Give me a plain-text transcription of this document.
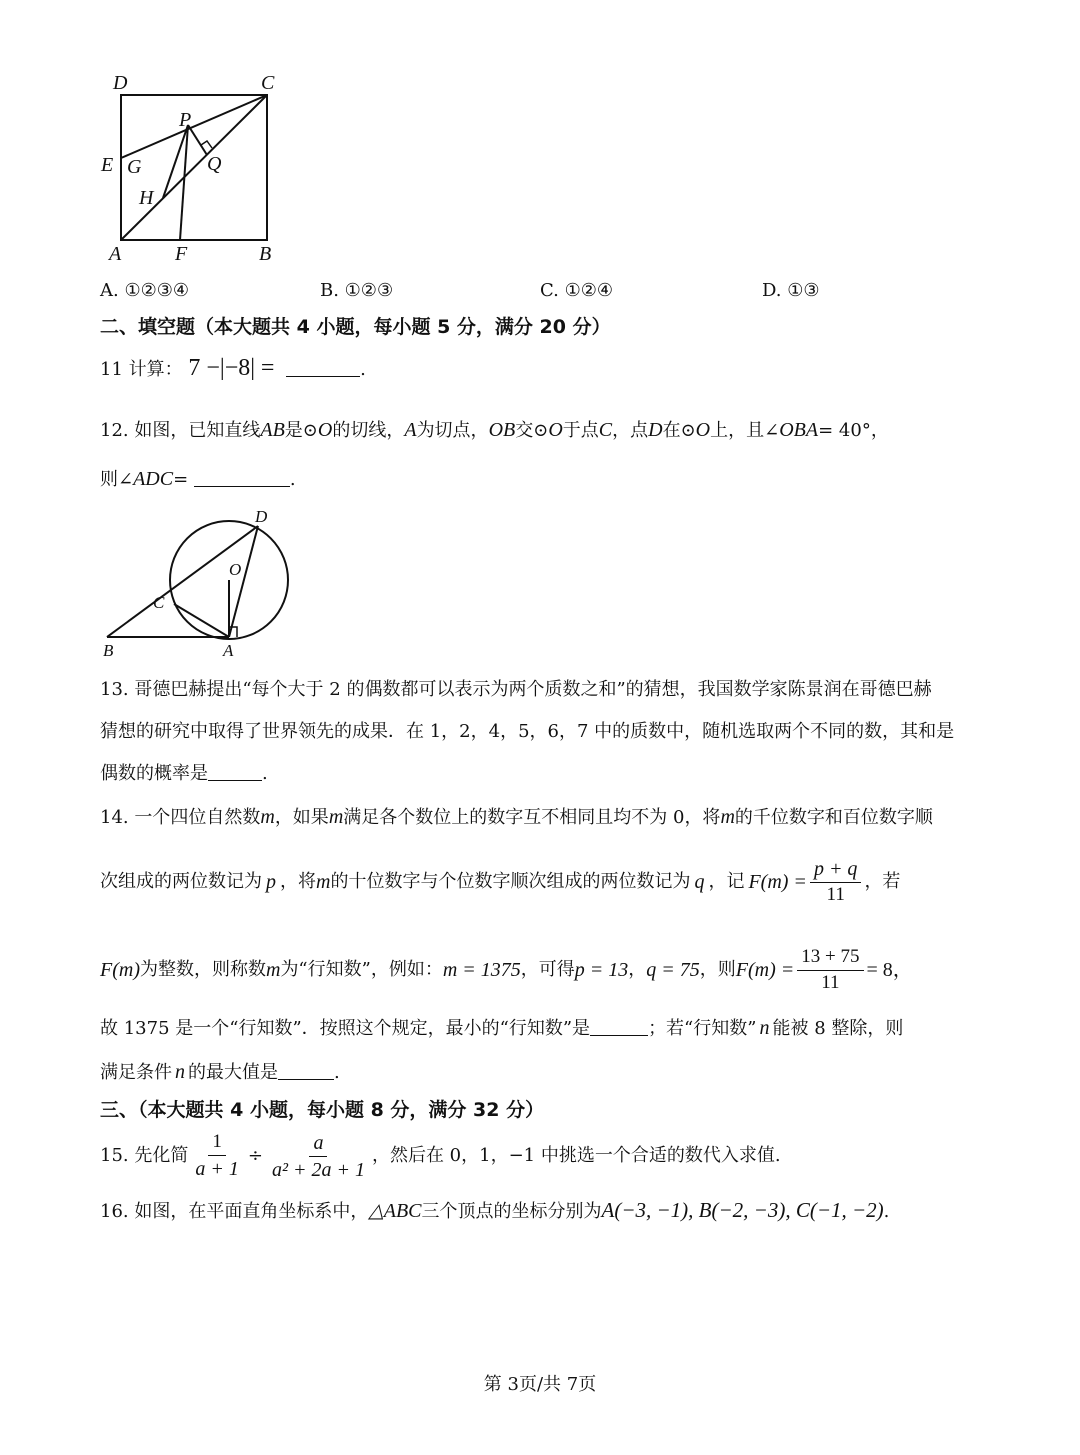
D	C
P
E G	Q
H
A	F	B
A. ①②③④	B. ①②③	C. ①②④	D. ①③
二、填空题（本大题共 4 小题，每小题 5 分，满分 20 分）
11 计算： 7 −|−8| =	.
12. 如图，已知直线AB是⊙O的切线，A为切点，OB交⊙O于点C，点D在⊙O上，且∠OBA= 40°，
则∠ADC=	.
D
O
C
B	A
13. 哥德巴赫提出“每个大于 2 的偶数都可以表示为两个质数之和”的猜想，我国数学家陈景润在哥德巴赫
猜想的研究中取得了世界领先的成果．在 1，2，4，5，6，7 中的质数中，随机选取两个不同的数，其和是
偶数的概率是	.
14. 一个四位自然数m，如果m满足各个数位上的数字互不相同且均不为 0，将m的千位数字和百位数字顺
次组成的两位数记为 p ，将 m 的十位数字与个位数字顺次组成的两位数记为 q ，记 $F(m) = \frac{p + q}{11}$ ，若
F(m) 为整数，则称数 m 为“行知数”，例如： m = 1375 ，可得 p = 13 ， q = 75 ，则 $F(m) = \frac{13 + 75}{11} = 8$，
故 1375 是一个“行知数”．按照这个规定，最小的“行知数”是	；若“行知数” n 能被 8 整除，则
满足条件 n 的最大值是	.
三、（本大题共 4 小题，每小题 8 分，满分 32 分）
15. 先化简 $\frac{1}{a + 1} \div \frac{a}{\text{a² + 2a + 1}}$ ，然后在 0，1，−1 中挑选一个合适的数代入求值.
16. 如图，在平面直角坐标系中，△ABC三个顶点的坐标分别为A(−3, −1), B(−2, −3), C(−1, −2).
第 3页/共 7页
